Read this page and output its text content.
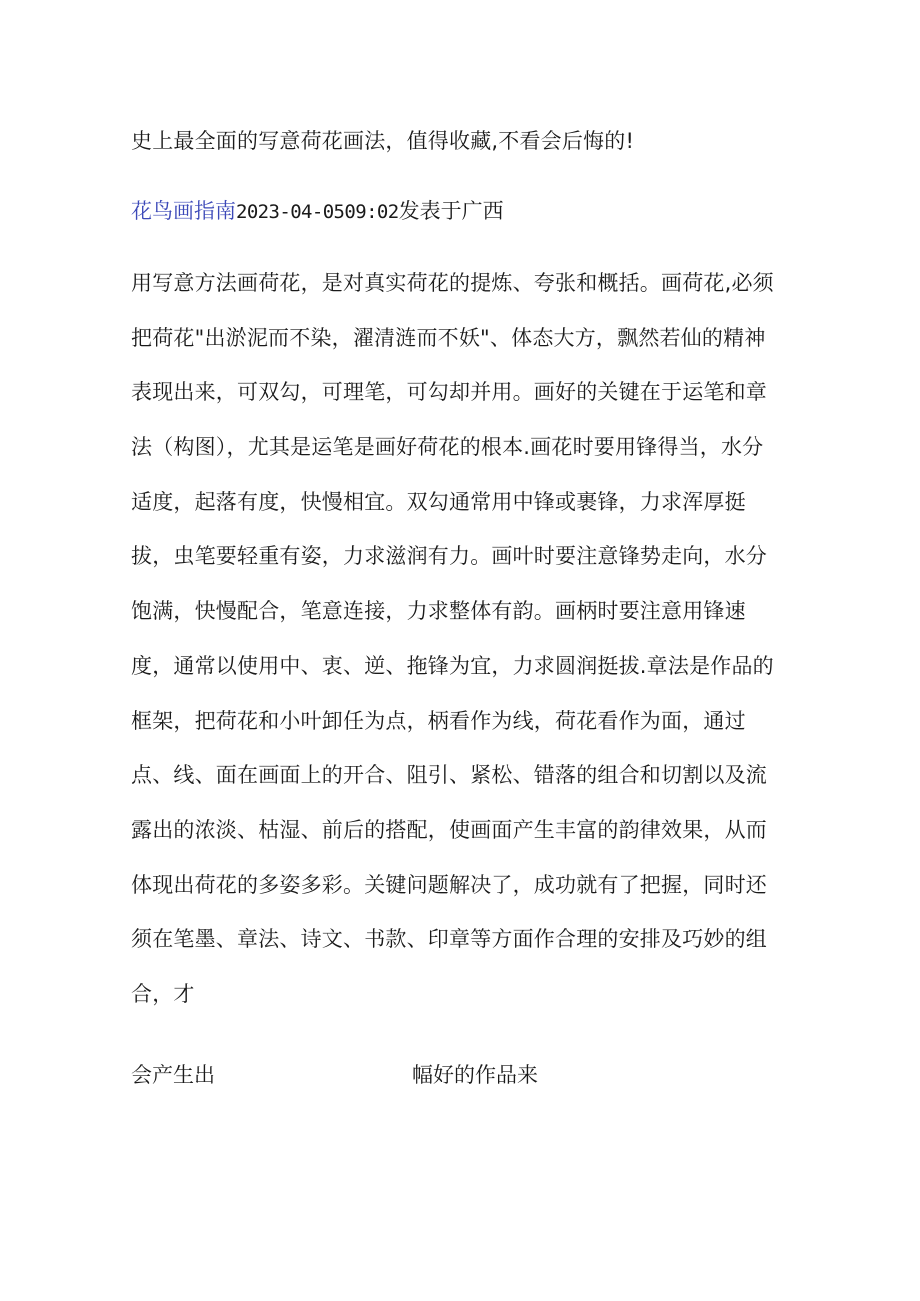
史上最全面的写意荷花画法，值得收藏,不看会后悔的!
花鸟画指南2023-04-0509:02发表于广西
用写意方法画荷花，是对真实荷花的提炼、夸张和概括。画荷花,必须
把荷花"出淤泥而不染，濯清涟而不妖"、体态大方，飘然若仙的精神
表现出来，可双勾，可理笔，可勾却并用。画好的关键在于运笔和章
法（构图），尤其是运笔是画好荷花的根本.画花时要用锋得当，水分
适度，起落有度，快慢相宜。双勾通常用中锋或裹锋，力求浑厚挺
拔，虫笔要轻重有姿，力求滋润有力。画叶时要注意锋势走向，水分
饱满，快慢配合，笔意连接，力求整体有韵。画柄时要注意用锋速
度，通常以使用中、衷、逆、拖锋为宜，力求圆润挺拔.章法是作品的
框架，把荷花和小叶卸任为点，柄看作为线，荷花看作为面，通过
点、线、面在画面上的开合、阻引、紧松、错落的组合和切割以及流
露出的浓淡、枯湿、前后的搭配，使画面产生丰富的韵律效果，从而
体现出荷花的多姿多彩。关键问题解决了，成功就有了把握，同时还
须在笔墨、章法、诗文、书款、印章等方面作合理的安排及巧妙的组
合，才
会产生出	幅好的作品来
